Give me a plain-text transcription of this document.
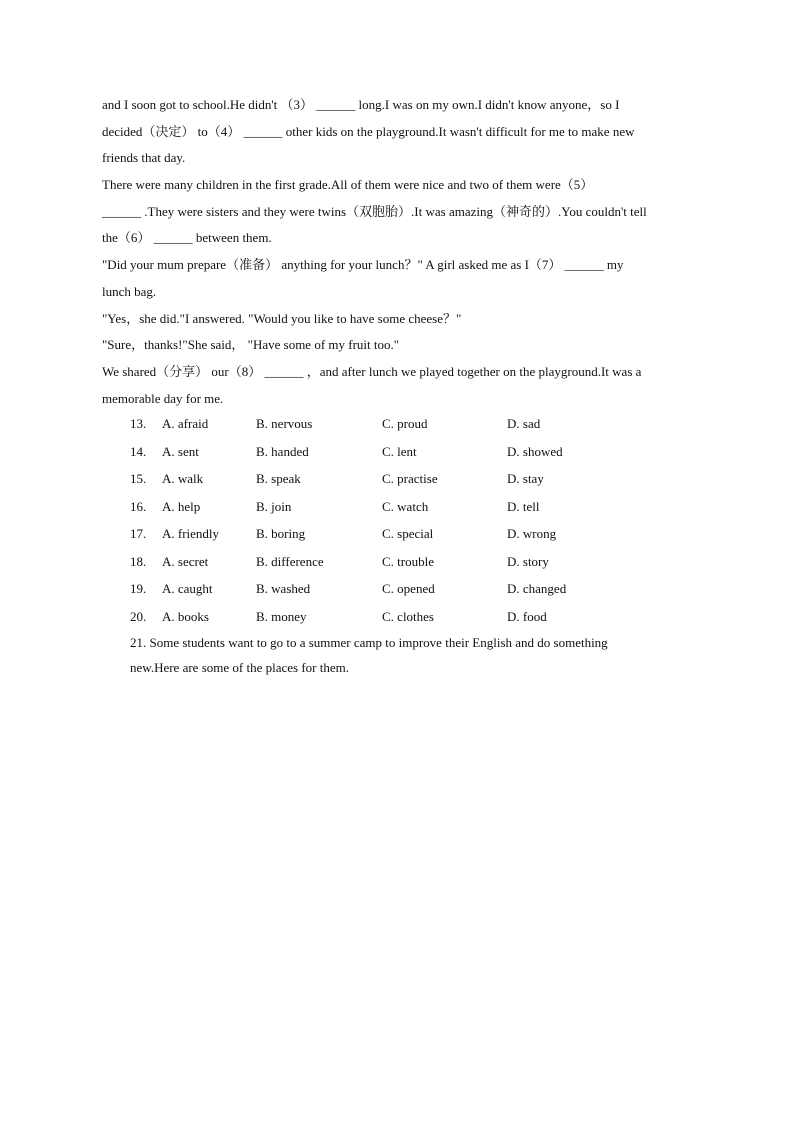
and I soon got to school.He didn't （3） ______ long.I was on my own.I didn't know anyone，so I
decided（决定） to（4） ______ other kids on the playground.It wasn't difficult for me to make new
friends that day.
There were many children in the first grade.All of them were nice and two of them were（5）
______ .They were sisters and they were twins（双胞胎）.It was amazing（神奇的）.You couldn't tell
the（6） ______ between them.
"Did your mum prepare（准备） anything for your lunch？" A girl asked me as I（7） ______ my
lunch bag.
"Yes，she did."I answered. "Would you like to have some cheese？"
"Sure，thanks!"She said， "Have some of my fruit too."
We shared（分享） our（8） ______ ，and after lunch we played together on the playground.It was a
memorable day for me.
13. A. afraid	B. nervous	C. proud	D. sad
14. A. sent	B. handed	C. lent	D. showed
15. A. walk	B. speak	C. practise	D. stay
16. A. help	B. join	C. watch	D. tell
17. A. friendly	B. boring	C. special	D. wrong
18. A. secret	B. difference	C. trouble	D. story
19. A. caught	B. washed	C. opened	D. changed
20. A. books	B. money	C. clothes	D. food
21. Some students want to go to a summer camp to improve their English and do something
new.Here are some of the places for them.
